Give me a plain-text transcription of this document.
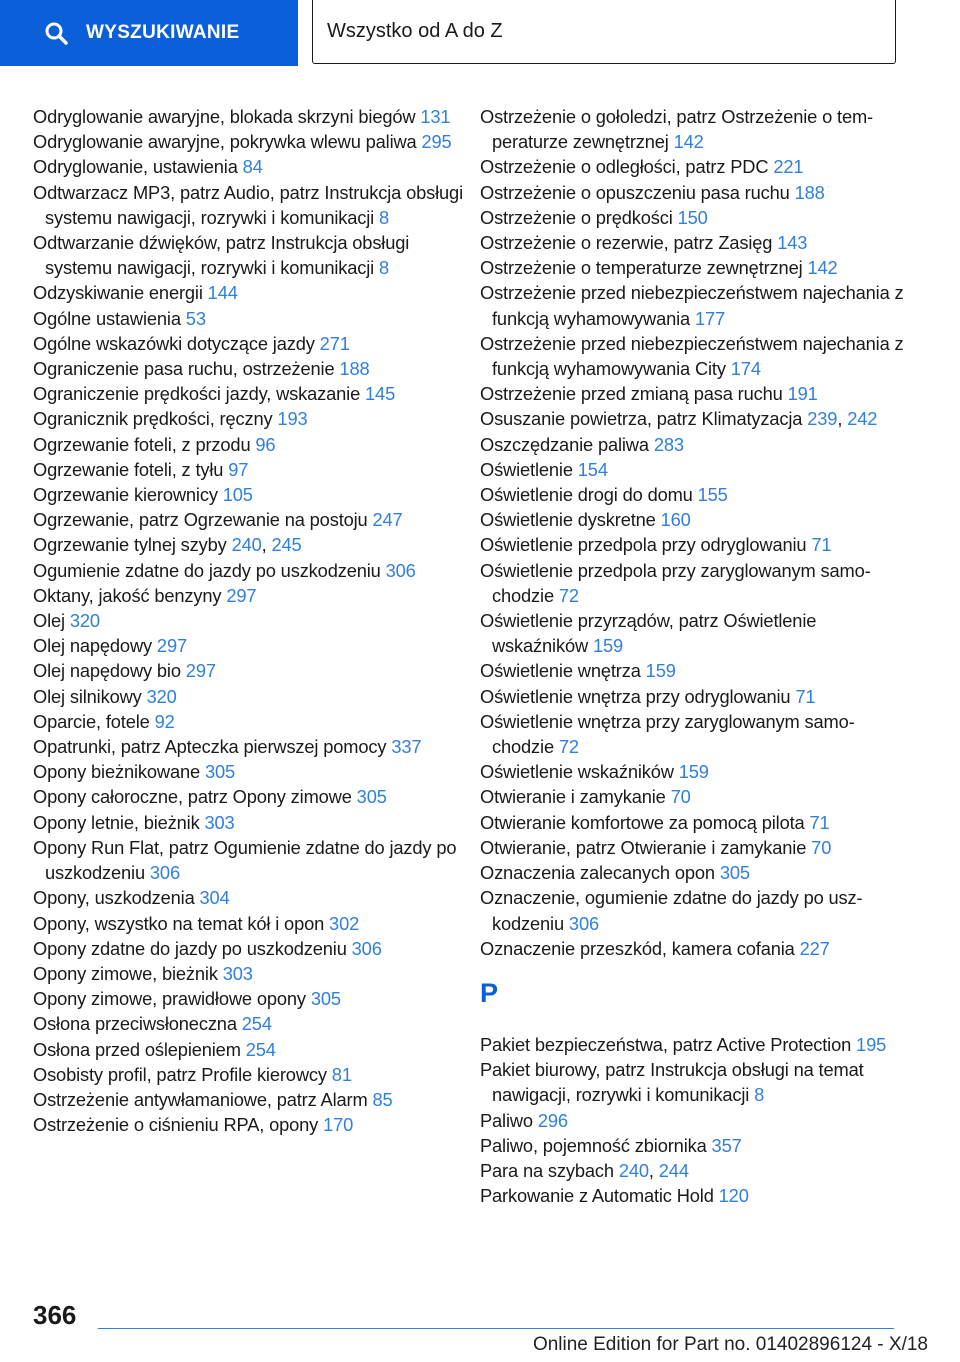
WYSZUKIWANIE	Wszystko od A do Z
Odryglowanie awaryjne, blokada skrzyni biegów 131
Odryglowanie awaryjne, pokrywka wlewu paliwa 295
Odryglowanie, ustawienia 84
Odtwarzacz MP3, patrz Audio, patrz Instrukcja obsługi systemu nawigacji, rozrywki i komunikacji 8
Odtwarzanie dźwięków, patrz Instrukcja obsługi systemu nawigacji, rozrywki i komunikacji 8
Odzyskiwanie energii 144
Ogólne ustawienia 53
Ogólne wskazówki dotyczące jazdy 271
Ograniczenie pasa ruchu, ostrzeżenie 188
Ograniczenie prędkości jazdy, wskazanie 145
Ogranicznik prędkości, ręczny 193
Ogrzewanie foteli, z przodu 96
Ogrzewanie foteli, z tyłu 97
Ogrzewanie kierownicy 105
Ogrzewanie, patrz Ogrzewanie na postoju 247
Ogrzewanie tylnej szyby 240, 245
Ogumienie zdatne do jazdy po uszkodzeniu 306
Oktany, jakość benzyny 297
Olej 320
Olej napędowy 297
Olej napędowy bio 297
Olej silnikowy 320
Oparcie, fotele 92
Opatrunki, patrz Apteczka pierwszej pomocy 337
Opony bieżnikowane 305
Opony całoroczne, patrz Opony zimowe 305
Opony letnie, bieżnik 303
Opony Run Flat, patrz Ogumienie zdatne do jazdy po uszkodzeniu 306
Opony, uszkodzenia 304
Opony, wszystko na temat kół i opon 302
Opony zdatne do jazdy po uszkodzeniu 306
Opony zimowe, bieżnik 303
Opony zimowe, prawidłowe opony 305
Osłona przeciwsłoneczna 254
Osłona przed oślepieniem 254
Osobisty profil, patrz Profile kierowcy 81
Ostrzeżenie antywłamaniowe, patrz Alarm 85
Ostrzeżenie o ciśnieniu RPA, opony 170
Ostrzeżenie o gołoledzi, patrz Ostrzeżenie o temperaturze zewnętrznej 142
Ostrzeżenie o odległości, patrz PDC 221
Ostrzeżenie o opuszczeniu pasa ruchu 188
Ostrzeżenie o prędkości 150
Ostrzeżenie o rezerwie, patrz Zasięg 143
Ostrzeżenie o temperaturze zewnętrznej 142
Ostrzeżenie przed niebezpieczeństwem najechania z funkcją wyhamowywania 177
Ostrzeżenie przed niebezpieczeństwem najechania z funkcją wyhamowywania City 174
Ostrzeżenie przed zmianą pasa ruchu 191
Osuszanie powietrza, patrz Klimatyzacja 239, 242
Oszczędzanie paliwa 283
Oświetlenie 154
Oświetlenie drogi do domu 155
Oświetlenie dyskretne 160
Oświetlenie przedpola przy odryglowaniu 71
Oświetlenie przedpola przy zaryglowanym samochodzie 72
Oświetlenie przyrządów, patrz Oświetlenie wskaźników 159
Oświetlenie wnętrza 159
Oświetlenie wnętrza przy odryglowaniu 71
Oświetlenie wnętrza przy zaryglowanym samochodzie 72
Oświetlenie wskaźników 159
Otwieranie i zamykanie 70
Otwieranie komfortowe za pomocą pilota 71
Otwieranie, patrz Otwieranie i zamykanie 70
Oznaczenia zalecanych opon 305
Oznaczenie, ogumienie zdatne do jazdy po uszkodzeniu 306
Oznaczenie przeszkód, kamera cofania 227
P
Pakiet bezpieczeństwa, patrz Active Protection 195
Pakiet biurowy, patrz Instrukcja obsługi na temat nawigacji, rozrywki i komunikacji 8
Paliwo 296
Paliwo, pojemność zbiornika 357
Para na szybach 240, 244
Parkowanie z Automatic Hold 120
366
Online Edition for Part no. 01402896124 - X/18
